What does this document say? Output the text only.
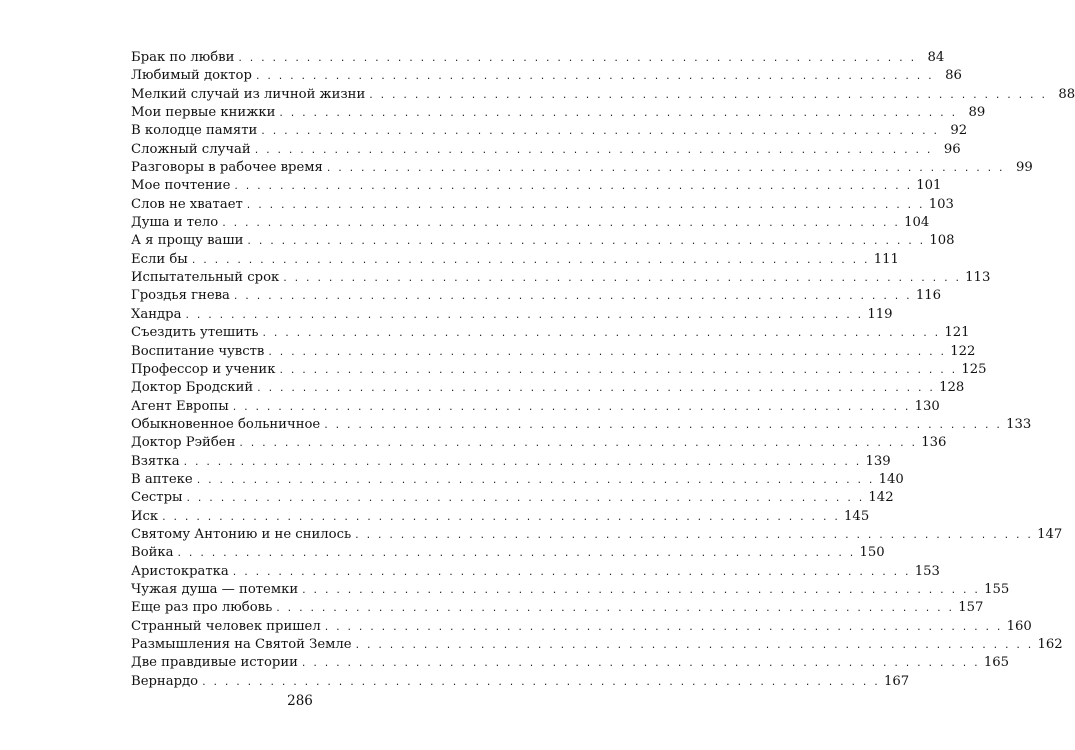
Брак по любви . . . . . . . . . . . . . . . . . . . . . . . . . . . . . . . . . . . . . . . . . . . . . . . . . . . . . . . . . . . . 84
Любимый доктор . . . . . . . . . . . . . . . . . . . . . . . . . . . . . . . . . . . . . . . . . . . . . . . . . . . . . . . . . . . . 86
Мелкий случай из личной жизни . . . . . . . . . . . . . . . . . . . . . . . . . . . . . . . . . . . . . . . . . . . . . . . . . . . . . . . . . . . . 88
Мои первые книжки . . . . . . . . . . . . . . . . . . . . . . . . . . . . . . . . . . . . . . . . . . . . . . . . . . . . . . . . . . . . 89
В колодце памяти . . . . . . . . . . . . . . . . . . . . . . . . . . . . . . . . . . . . . . . . . . . . . . . . . . . . . . . . . . . . 92
Сложный случай . . . . . . . . . . . . . . . . . . . . . . . . . . . . . . . . . . . . . . . . . . . . . . . . . . . . . . . . . . . . 96
Разговоры в рабочее время . . . . . . . . . . . . . . . . . . . . . . . . . . . . . . . . . . . . . . . . . . . . . . . . . . . . . . . . . . . . 99
Мое почтение . . . . . . . . . . . . . . . . . . . . . . . . . . . . . . . . . . . . . . . . . . . . . . . . . . . . . . . . . . . . 101
Слов не хватает . . . . . . . . . . . . . . . . . . . . . . . . . . . . . . . . . . . . . . . . . . . . . . . . . . . . . . . . . . . . 103
Душа и тело . . . . . . . . . . . . . . . . . . . . . . . . . . . . . . . . . . . . . . . . . . . . . . . . . . . . . . . . . . . . 104
А я прощу ваши . . . . . . . . . . . . . . . . . . . . . . . . . . . . . . . . . . . . . . . . . . . . . . . . . . . . . . . . . . . . 108
Если бы . . . . . . . . . . . . . . . . . . . . . . . . . . . . . . . . . . . . . . . . . . . . . . . . . . . . . . . . . . . . 111
Испытательный срок . . . . . . . . . . . . . . . . . . . . . . . . . . . . . . . . . . . . . . . . . . . . . . . . . . . . . . . . . . . . 113
Гроздья гнева . . . . . . . . . . . . . . . . . . . . . . . . . . . . . . . . . . . . . . . . . . . . . . . . . . . . . . . . . . . . 116
Хандра . . . . . . . . . . . . . . . . . . . . . . . . . . . . . . . . . . . . . . . . . . . . . . . . . . . . . . . . . . . . 119
Съездить утешить . . . . . . . . . . . . . . . . . . . . . . . . . . . . . . . . . . . . . . . . . . . . . . . . . . . . . . . . . . . . 121
Воспитание чувств . . . . . . . . . . . . . . . . . . . . . . . . . . . . . . . . . . . . . . . . . . . . . . . . . . . . . . . . . . . . 122
Профессор и ученик . . . . . . . . . . . . . . . . . . . . . . . . . . . . . . . . . . . . . . . . . . . . . . . . . . . . . . . . . . . . 125
Доктор Бродский . . . . . . . . . . . . . . . . . . . . . . . . . . . . . . . . . . . . . . . . . . . . . . . . . . . . . . . . . . . . 128
Агент Европы . . . . . . . . . . . . . . . . . . . . . . . . . . . . . . . . . . . . . . . . . . . . . . . . . . . . . . . . . . . . 130
Обыкновенное больничное . . . . . . . . . . . . . . . . . . . . . . . . . . . . . . . . . . . . . . . . . . . . . . . . . . . . . . . . . . . . 133
Доктор Рэйбен . . . . . . . . . . . . . . . . . . . . . . . . . . . . . . . . . . . . . . . . . . . . . . . . . . . . . . . . . . . . 136
Взятка . . . . . . . . . . . . . . . . . . . . . . . . . . . . . . . . . . . . . . . . . . . . . . . . . . . . . . . . . . . . 139
В аптеке . . . . . . . . . . . . . . . . . . . . . . . . . . . . . . . . . . . . . . . . . . . . . . . . . . . . . . . . . . . . 140
Сестры . . . . . . . . . . . . . . . . . . . . . . . . . . . . . . . . . . . . . . . . . . . . . . . . . . . . . . . . . . . . 142
Иск . . . . . . . . . . . . . . . . . . . . . . . . . . . . . . . . . . . . . . . . . . . . . . . . . . . . . . . . . . . . 145
Святому Антонию и не снилось . . . . . . . . . . . . . . . . . . . . . . . . . . . . . . . . . . . . . . . . . . . . . . . . . . . . . . . . . . . . 147
Войка . . . . . . . . . . . . . . . . . . . . . . . . . . . . . . . . . . . . . . . . . . . . . . . . . . . . . . . . . . . . 150
Аристократка . . . . . . . . . . . . . . . . . . . . . . . . . . . . . . . . . . . . . . . . . . . . . . . . . . . . . . . . . . . . 153
Чужая душа — потемки . . . . . . . . . . . . . . . . . . . . . . . . . . . . . . . . . . . . . . . . . . . . . . . . . . . . . . . . . . . . 155
Еще раз про любовь . . . . . . . . . . . . . . . . . . . . . . . . . . . . . . . . . . . . . . . . . . . . . . . . . . . . . . . . . . . . 157
Странный человек пришел . . . . . . . . . . . . . . . . . . . . . . . . . . . . . . . . . . . . . . . . . . . . . . . . . . . . . . . . . . . . 160
Размышления на Святой Земле . . . . . . . . . . . . . . . . . . . . . . . . . . . . . . . . . . . . . . . . . . . . . . . . . . . . . . . . . . . . 162
Две правдивые истории . . . . . . . . . . . . . . . . . . . . . . . . . . . . . . . . . . . . . . . . . . . . . . . . . . . . . . . . . . . . 165
Вернардо . . . . . . . . . . . . . . . . . . . . . . . . . . . . . . . . . . . . . . . . . . . . . . . . . . . . . . . . . . . . 167
286
